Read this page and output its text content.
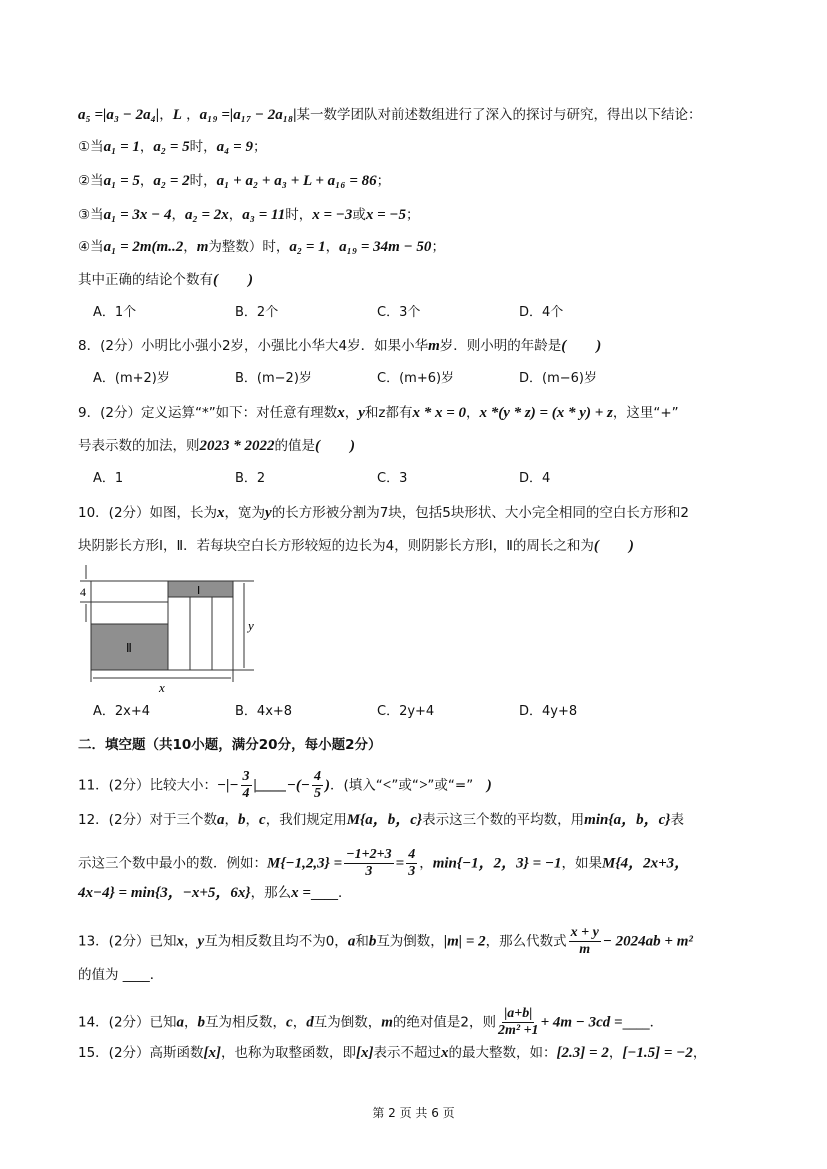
a₅ =|a₃ − 2a₄|，L ，a₁₉ =|a₁₇ − 2a₁₈|某一数学团队对前述数组进行了深入的探讨与研究，得出以下结论：
①当a₁ = 1，a₂ = 5时，a₄ = 9；
②当a₁ = 5，a₂ = 2时，a₁ + a₂ + a₃ + L + a₁₆ = 86；
③当a₁ = 3x − 4，a₂ = 2x，a₃ = 11时，x = −3或x = −5；
④当a₁ = 2m(m..2，m为整数）时，a₂ = 1，a₁₉ = 34m − 50；
其中正确的结论个数有(　　)
A．1个	B．2个	C．3个	D．4个
8．(2分）小明比小强小2岁，小强比小华大4岁．如果小华m岁．则小明的年龄是(　　)
A．(m+2)岁	B．(m−2)岁	C．(m+6)岁	D．(m−6)岁
9．(2分）定义运算“*”如下：对任意有理数x，y和z都有x * x = 0，x *(y * z) = (x * y) + z，这里“+”
号表示数的加法，则2023 * 2022的值是(　　)
A．1	B．2	C．3	D．4
10．(2分）如图，长为x，宽为y的长方形被分割为7块，包括5块形状、大小完全相同的空白长方形和2
块阴影长方形Ⅰ，Ⅱ．若每块空白长方形较短的边长为4，则阴影长方形Ⅰ，Ⅱ的周长之和为(　　)
A．2x+4	B．4x+8	C．2y+4	D．4y+8
二．填空题（共10小题，满分20分，每小题2分）
11．(2分）比较大小：−|− $\frac{3}{4}$ |____−(− $\frac{4}{5}$ )．(填入“<”或“>”或“=”　)
12．(2分）对于三个数a，b，c，我们规定用M{a，b，c}表示这三个数的平均数，用min{a，b，c}表
示这三个数中最小的数．例如：$M\{-1,2,3\} = \frac{-1+2+3}{3} = \frac{4}{3}$ ，min{−1，2，3} = −1，如果M{4，2x+3，
4x−4} = min{3，−x+5，6x}，那么x =____．
13．(2分）已知x，y互为相反数且均不为0，a和b互为倒数，|m| = 2，那么代数式 $\frac{x + y}{m} - 2024ab + m^2$
的值为 ____．
14．(2分）已知a，b互为相反数，c，d互为倒数，m的绝对值是2，则 $\frac{|a+b|}{\text{2m² +1}} + 4m - 3cd$ =____．
15．(2分）高斯函数[x]，也称为取整函数，即[x]表示不超过x的最大整数，如：[2.3] = 2，[−1.5] = −2，
4	Ⅰ
Ⅱ
y
x
第 2 页 共 6 页
